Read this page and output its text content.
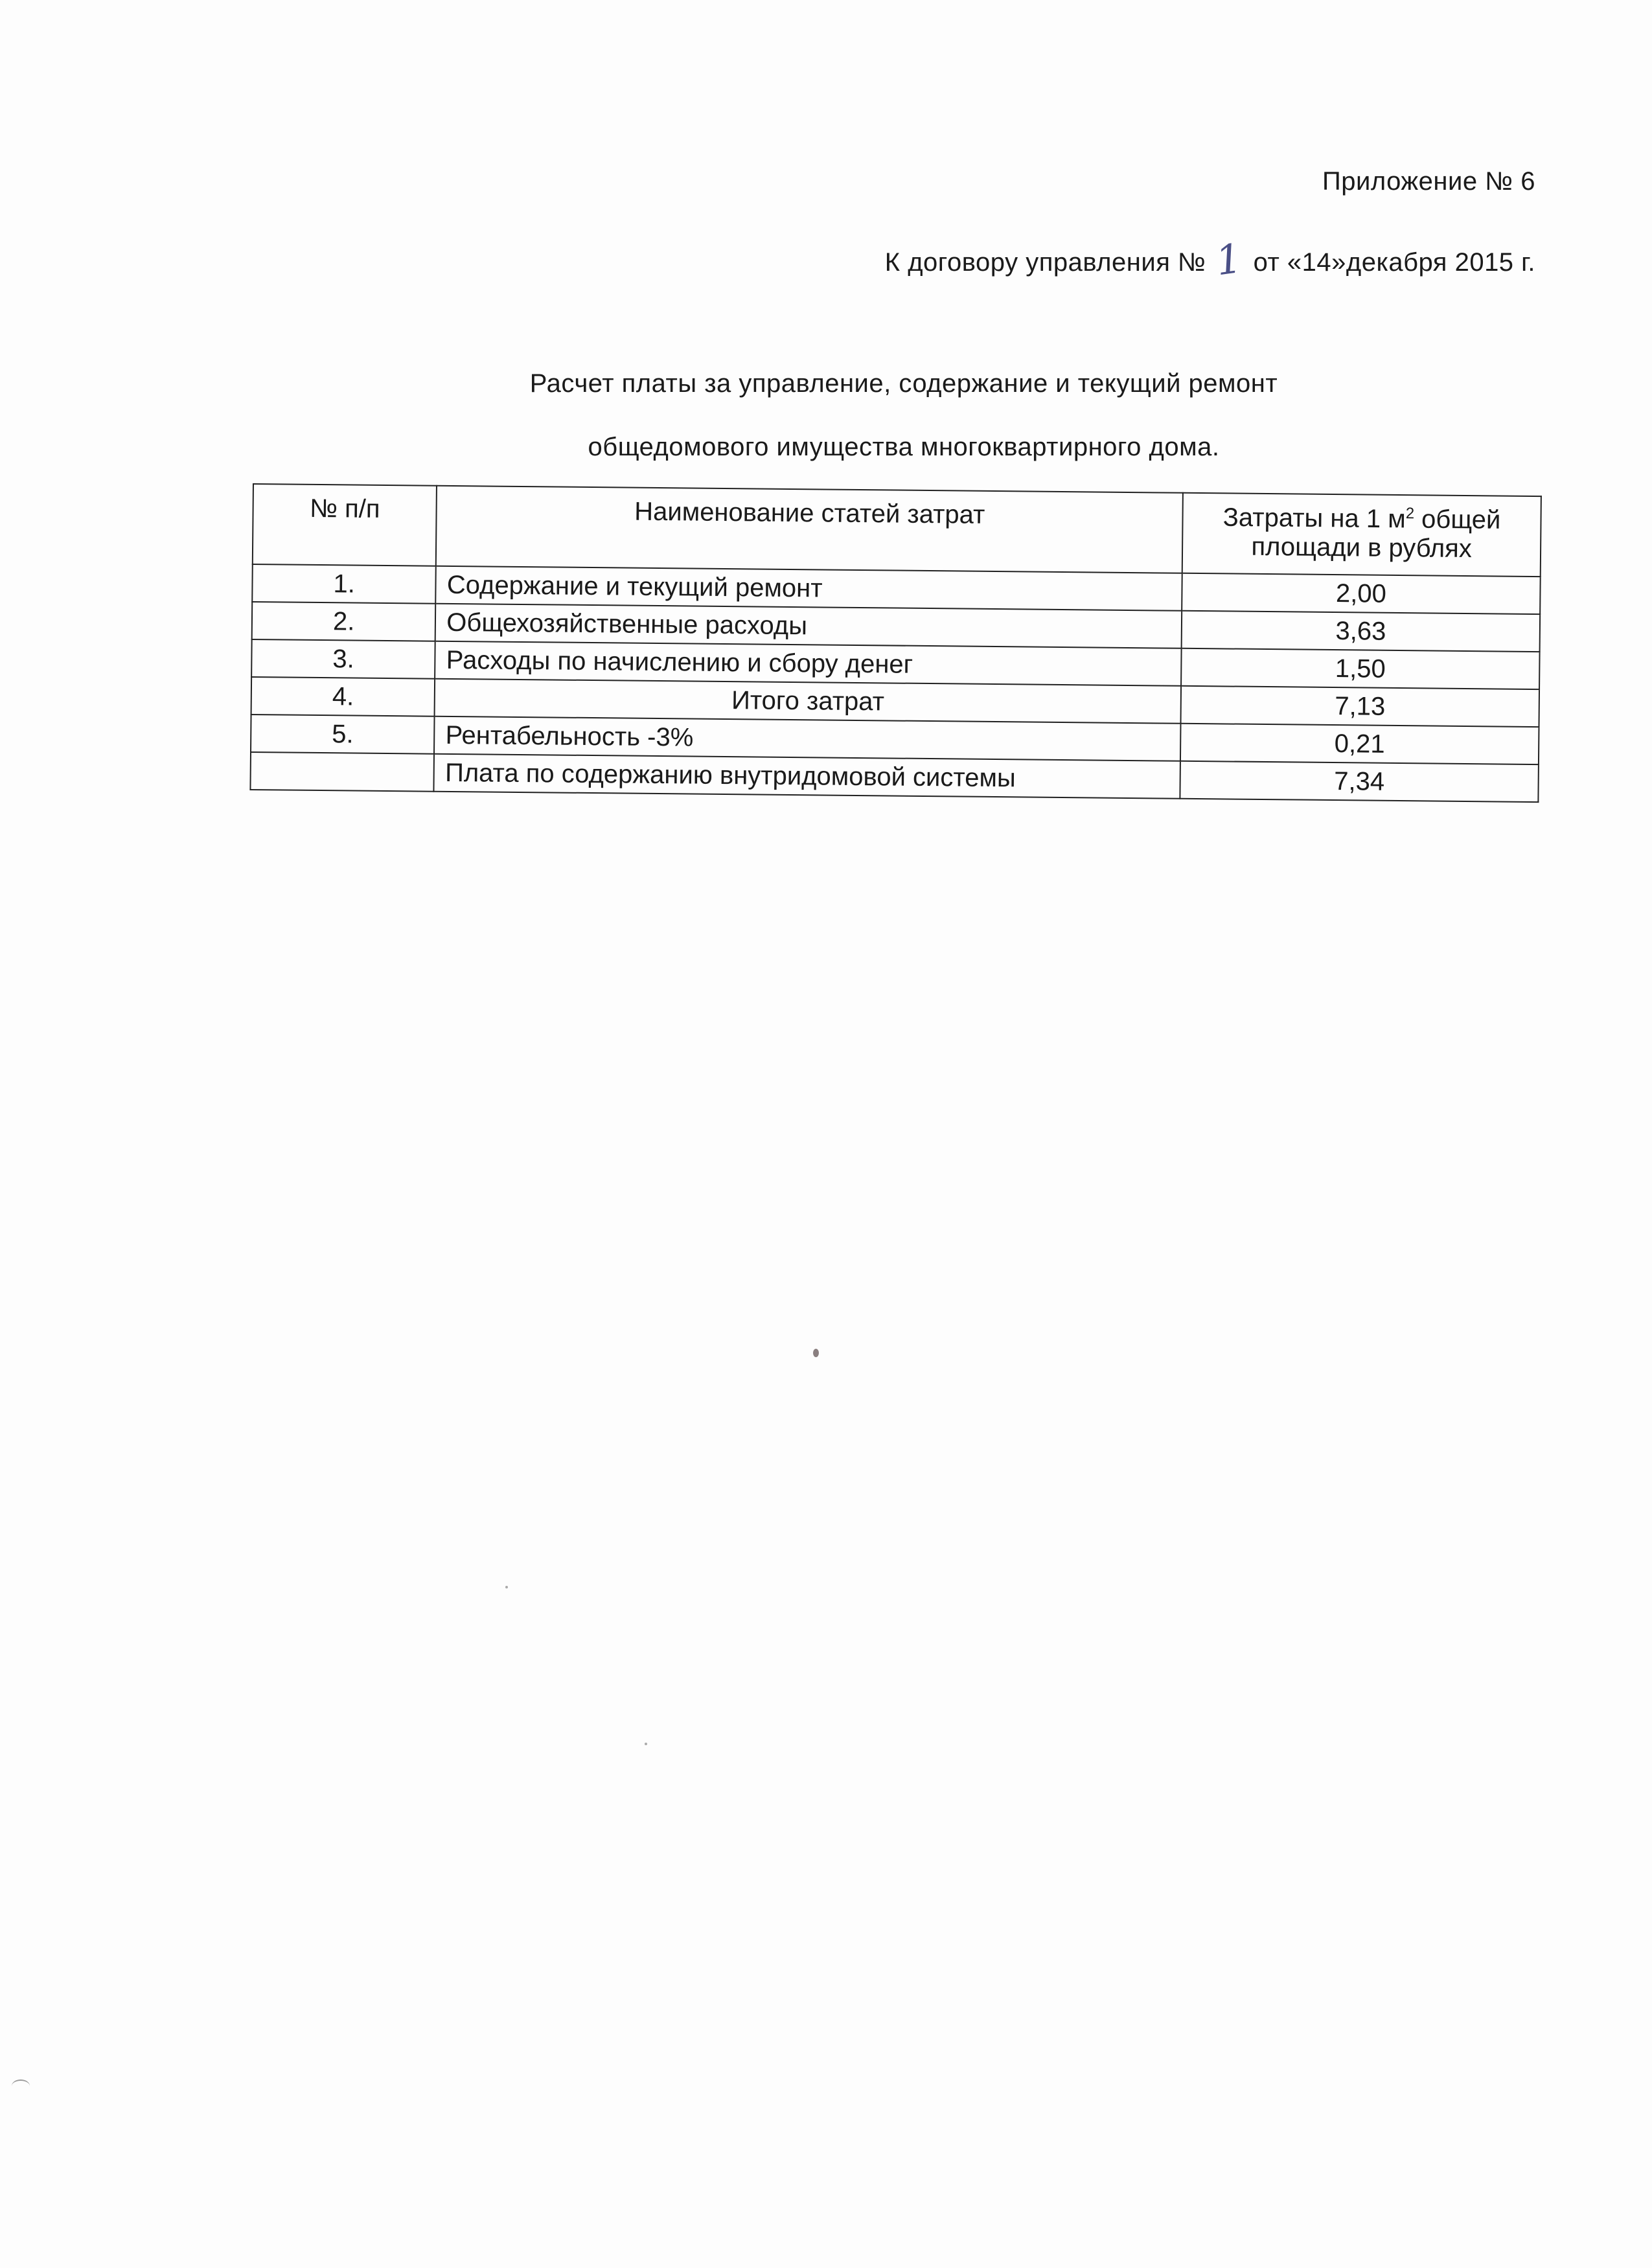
Приложение № 6
К договору управления № 1 от «14»декабря 2015 г.
Расчет платы за управление, содержание и текущий ремонт
общедомового имущества многоквартирного дома.
№ п/п	Наименование статей затрат	Затраты на 1 $м^2$ общей площади в рублях
1.	Содержание и текущий ремонт	2,00
2.	Общехозяйственные расходы	3,63
3.	Расходы по начислению и сбору денег	1,50
4.	Итого затрат	7,13
5.	Рентабельность -3%	0,21
	Плата по содержанию внутридомовой системы	7,34
